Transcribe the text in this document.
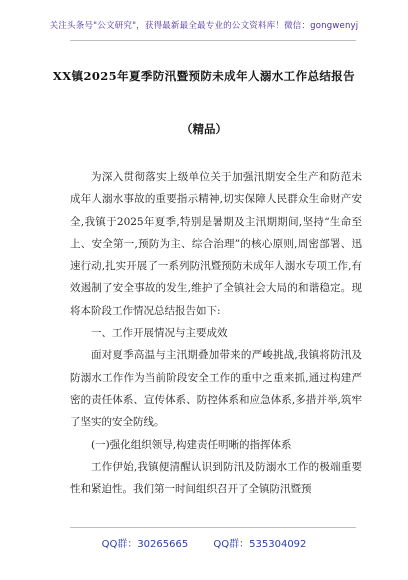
关注头条号"公文研究"，获得最新最全最专业的公文资料库！微信：gongwenyj
XX镇2025年夏季防汛暨预防未成年人溺水工作总结报告
（精品）

为深入贯彻落实上级单位关于加强汛期安全生产和防范未成年人溺水事故的重要指示精神,切实保障人民群众生命财产安全,我镇于2025年夏季,特别是暑期及主汛期期间,坚持“生命至上、安全第一,预防为主、综合治理”的核心原则,周密部署、迅速行动,扎实开展了一系列防汛暨预防未成年人溺水专项工作,有效遏制了安全事故的发生,维护了全镇社会大局的和谐稳定。现将本阶段工作情况总结报告如下:

一、工作开展情况与主要成效

面对夏季高温与主汛期叠加带来的严峻挑战,我镇将防汛及防溺水工作作为当前阶段安全工作的重中之重来抓,通过构建严密的责任体系、宣传体系、防控体系和应急体系,多措并举,筑牢了坚实的安全防线。

(一)强化组织领导,构建责任明晰的指挥体系

工作伊始,我镇便清醒认识到防汛及防溺水工作的极端重要性和紧迫性。我们第一时间组织召开了全镇防汛暨预

QQ群：30265665	QQ群：535304092
